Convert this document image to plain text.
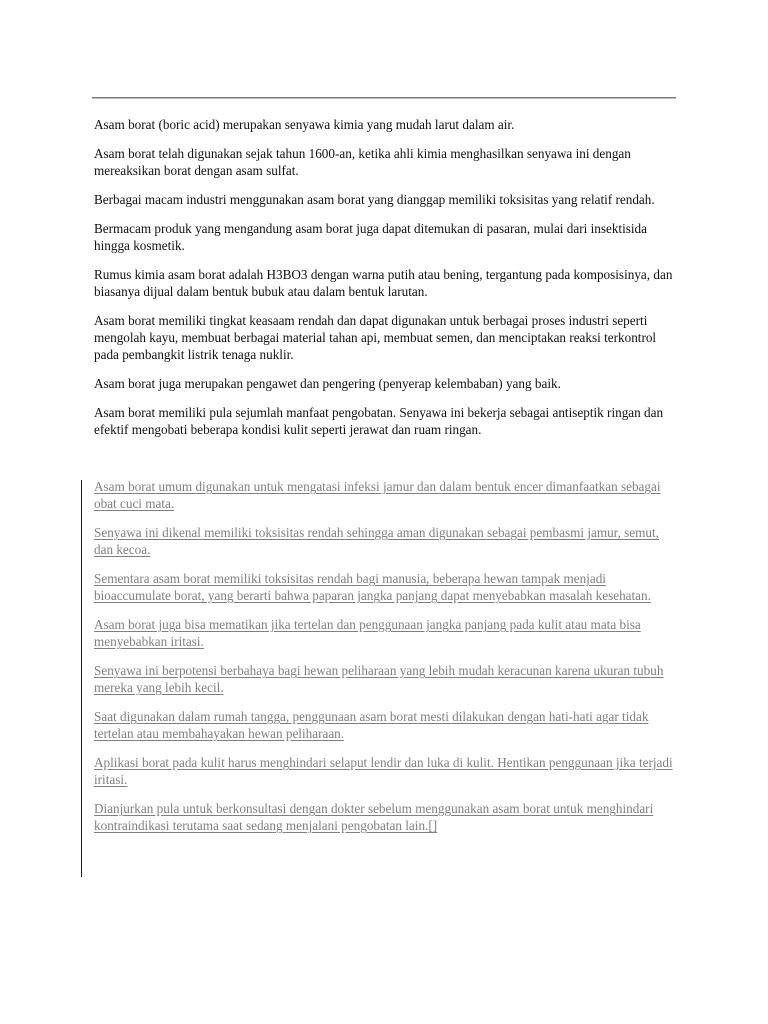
Asam borat (boric acid) merupakan senyawa kimia yang mudah larut dalam air.

Asam borat telah digunakan sejak tahun 1600-an, ketika ahli kimia menghasilkan senyawa ini dengan mereaksikan borat dengan asam sulfat.

Berbagai macam industri menggunakan asam borat yang dianggap memiliki toksisitas yang relatif rendah.

Bermacam produk yang mengandung asam borat juga dapat ditemukan di pasaran, mulai dari insektisida hingga kosmetik.

Rumus kimia asam borat adalah H3BO3 dengan warna putih atau bening, tergantung pada komposisinya, dan biasanya dijual dalam bentuk bubuk atau dalam bentuk larutan.

Asam borat memiliki tingkat keasaam rendah dan dapat digunakan untuk berbagai proses industri seperti mengolah kayu, membuat berbagai material tahan api, membuat semen, dan menciptakan reaksi terkontrol pada pembangkit listrik tenaga nuklir.

Asam borat juga merupakan pengawet dan pengering (penyerap kelembaban) yang baik.

Asam borat memiliki pula sejumlah manfaat pengobatan. Senyawa ini bekerja sebagai antiseptik ringan dan efektif mengobati beberapa kondisi kulit seperti jerawat dan ruam ringan.

Asam borat umum digunakan untuk mengatasi infeksi jamur dan dalam bentuk encer dimanfaatkan sebagai obat cuci mata.

Senyawa ini dikenal memiliki toksisitas rendah sehingga aman digunakan sebagai pembasmi jamur, semut, dan kecoa.

Sementara asam borat memiliki toksisitas rendah bagi manusia, beberapa hewan tampak menjadi bioaccumulate borat, yang berarti bahwa paparan jangka panjang dapat menyebabkan masalah kesehatan.

Asam borat juga bisa mematikan jika tertelan dan penggunaan jangka panjang pada kulit atau mata bisa menyebabkan iritasi.

Senyawa ini berpotensi berbahaya bagi hewan peliharaan yang lebih mudah keracunan karena ukuran tubuh mereka yang lebih kecil.

Saat digunakan dalam rumah tangga, penggunaan asam borat mesti dilakukan dengan hati-hati agar tidak tertelan atau membahayakan hewan peliharaan.

Aplikasi borat pada kulit harus menghindari selaput lendir dan luka di kulit. Hentikan penggunaan jika terjadi iritasi.

Dianjurkan pula untuk berkonsultasi dengan dokter sebelum menggunakan asam borat untuk menghindari kontraindikasi terutama saat sedang menjalani pengobatan lain.[]
